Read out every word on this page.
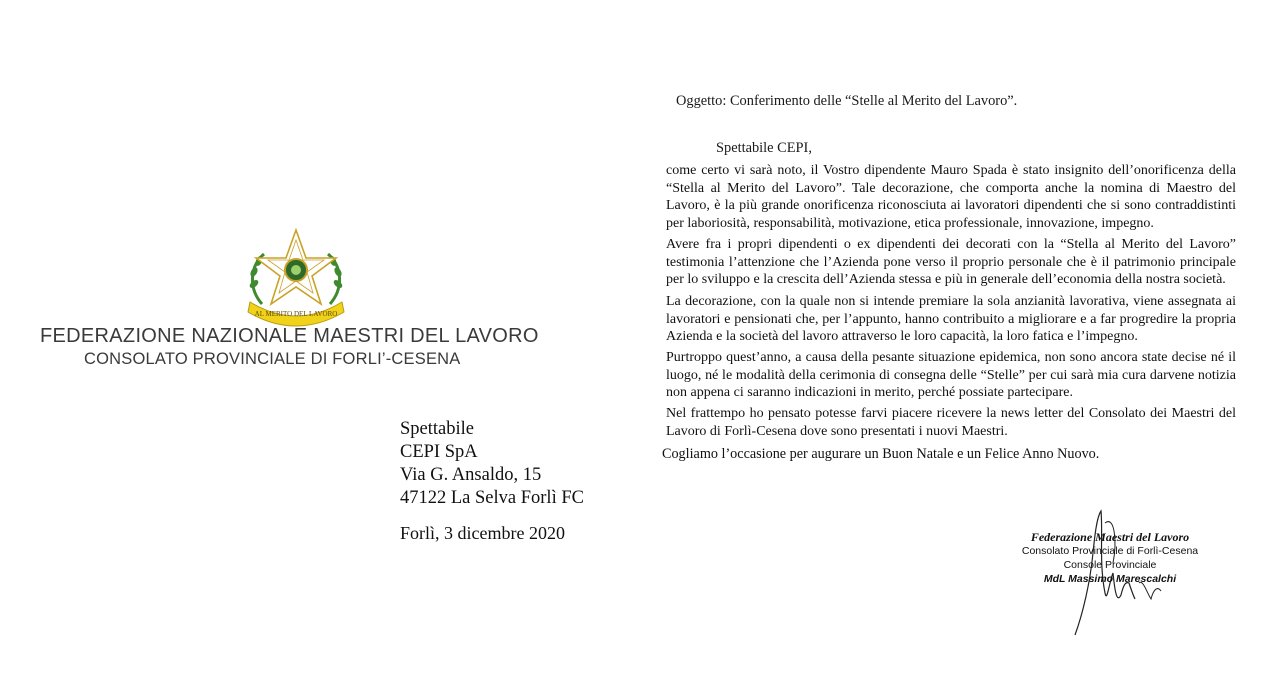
AL MERITO DEL LAVORO
FEDERAZIONE NAZIONALE MAESTRI DEL LAVORO
CONSOLATO PROVINCIALE DI FORLI’-CESENA
Spettabile
CEPI SpA
Via G. Ansaldo, 15
47122 La Selva Forlì FC
Forlì, 3 dicembre 2020
Oggetto: Conferimento delle “Stelle al Merito del Lavoro”.
Spettabile CEPI,
come certo vi sarà noto, il Vostro dipendente Mauro Spada è stato insignito dell’onorificenza della “Stella al Merito del Lavoro”. Tale decorazione, che comporta anche la nomina di Maestro del Lavoro, è la più grande onorificenza riconosciuta ai lavoratori dipendenti che si sono contraddistinti per laboriosità, responsabilità, motivazione, etica professionale, innovazione, impegno.
Avere fra i propri dipendenti o ex dipendenti dei decorati con la “Stella al Merito del Lavoro” testimonia l’attenzione che l’Azienda pone verso il proprio personale che è il patrimonio principale per lo sviluppo e la crescita dell’Azienda stessa e più in generale dell’economia della nostra società.
La decorazione, con la quale non si intende premiare la sola anzianità lavorativa, viene assegnata ai lavoratori e pensionati che, per l’appunto, hanno contribuito a migliorare e a far progredire la propria Azienda e la società del lavoro attraverso le loro capacità, la loro fatica e l’impegno.
Purtroppo quest’anno, a causa della pesante situazione epidemica, non sono ancora state decise né il luogo, né le modalità della cerimonia di consegna delle “Stelle” per cui sarà mia cura darvene notizia non appena ci saranno indicazioni in merito, perché possiate partecipare.
Nel frattempo ho pensato potesse farvi piacere ricevere la news letter del Consolato dei Maestri del Lavoro di Forlì-Cesena dove sono presentati i nuovi Maestri.
Cogliamo l’occasione per augurare un Buon Natale e un Felice Anno Nuovo.
Federazione Maestri del Lavoro
Consolato Provinciale di Forlì-Cesena
Console Provinciale
MdL Massimo Marescalchi
